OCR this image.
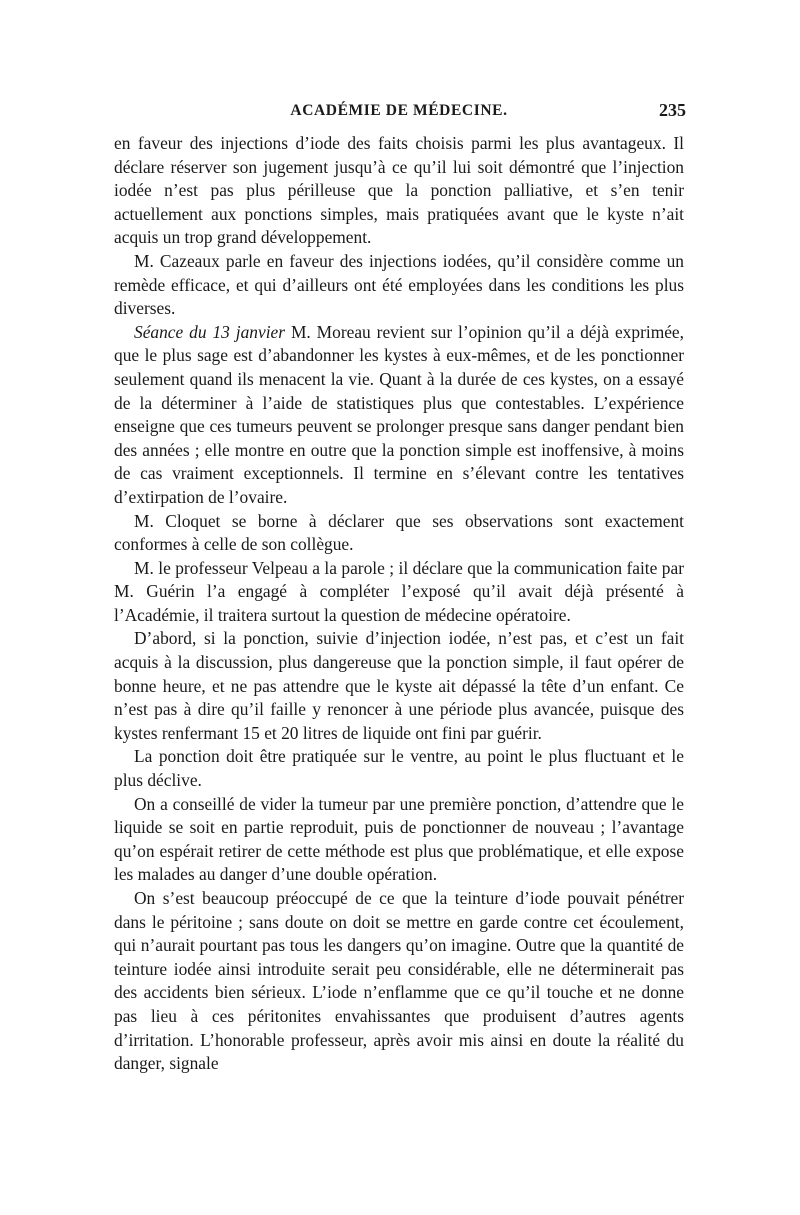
ACADÉMIE DE MÉDECINE.	235

en faveur des injections d’iode des faits choisis parmi les plus avantageux. Il déclare réserver son jugement jusqu’à ce qu’il lui soit démontré que l’injection iodée n’est pas plus périlleuse que la ponction palliative, et s’en tenir actuellement aux ponctions simples, mais pratiquées avant que le kyste n’ait acquis un trop grand développement.

M. Cazeaux parle en faveur des injections iodées, qu’il considère comme un remède efficace, et qui d’ailleurs ont été employées dans les conditions les plus diverses.

Séance du 13 janvier M. Moreau revient sur l’opinion qu’il a déjà exprimée, que le plus sage est d’abandonner les kystes à eux-mêmes, et de les ponctionner seulement quand ils menacent la vie. Quant à la durée de ces kystes, on a essayé de la déterminer à l’aide de statistiques plus que contestables. L’expérience enseigne que ces tumeurs peuvent se prolonger presque sans danger pendant bien des années ; elle montre en outre que la ponction simple est inoffensive, à moins de cas vraiment exceptionnels. Il termine en s’élevant contre les tentatives d’extirpation de l’ovaire.

M. Cloquet se borne à déclarer que ses observations sont exactement conformes à celle de son collègue.

M. le professeur Velpeau a la parole ; il déclare que la communication faite par M. Guérin l’a engagé à compléter l’exposé qu’il avait déjà présenté à l’Académie, il traitera surtout la question de médecine opératoire.

D’abord, si la ponction, suivie d’injection iodée, n’est pas, et c’est un fait acquis à la discussion, plus dangereuse que la ponction simple, il faut opérer de bonne heure, et ne pas attendre que le kyste ait dépassé la tête d’un enfant. Ce n’est pas à dire qu’il faille y renoncer à une période plus avancée, puisque des kystes renfermant 15 et 20 litres de liquide ont fini par guérir.

La ponction doit être pratiquée sur le ventre, au point le plus fluctuant et le plus déclive.

On a conseillé de vider la tumeur par une première ponction, d’attendre que le liquide se soit en partie reproduit, puis de ponctionner de nouveau ; l’avantage qu’on espérait retirer de cette méthode est plus que problématique, et elle expose les malades au danger d’une double opération.

On s’est beaucoup préoccupé de ce que la teinture d’iode pouvait pénétrer dans le péritoine ; sans doute on doit se mettre en garde contre cet écoulement, qui n’aurait pourtant pas tous les dangers qu’on imagine. Outre que la quantité de teinture iodée ainsi introduite serait peu considérable, elle ne déterminerait pas des accidents bien sérieux. L’iode n’enflamme que ce qu’il touche et ne donne pas lieu à ces péritonites envahissantes que produisent d’autres agents d’irritation. L’honorable professeur, après avoir mis ainsi en doute la réalité du danger, signale
